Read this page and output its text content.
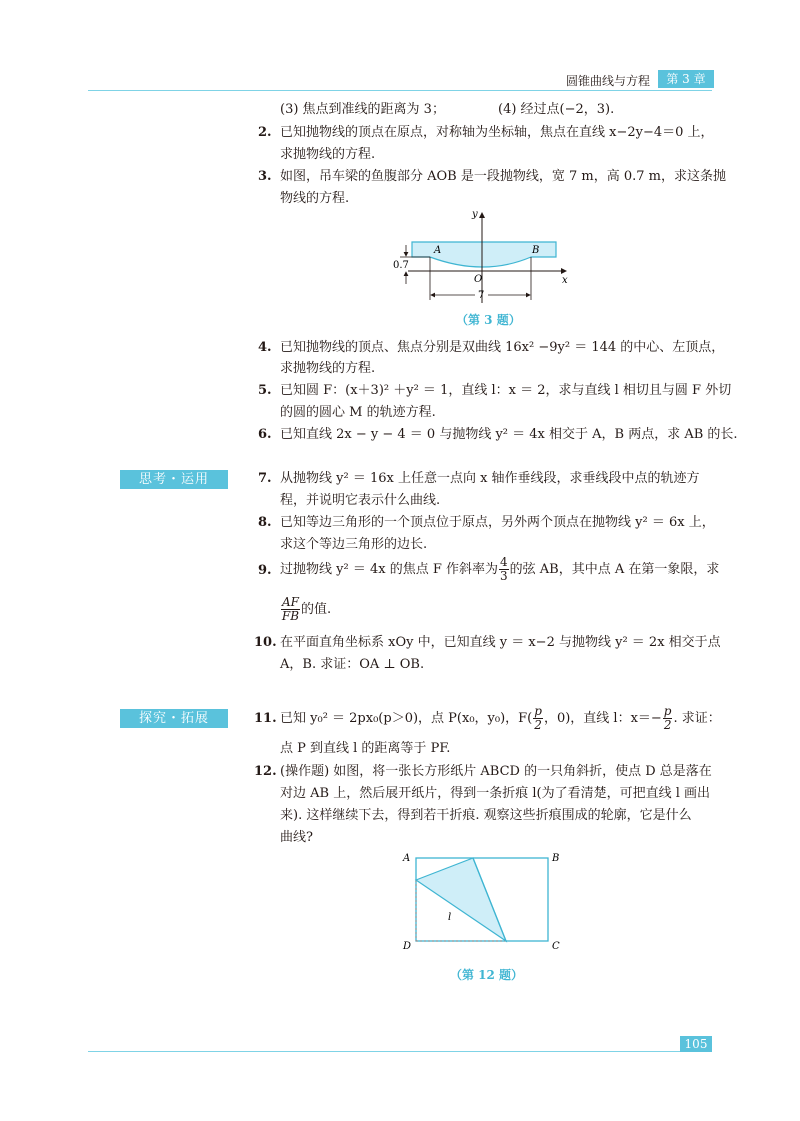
圆锥曲线与方程	第 3 章
(3) 焦点到准线的距离为 3；	(4) 经过点(−2，3).
2. 已知抛物线的顶点在原点，对称轴为坐标轴，焦点在直线 x−2y−4＝0 上，
求抛物线的方程.
3. 如图，吊车梁的鱼腹部分 AOB 是一段抛物线，宽 7 m，高 0.7 m，求这条抛
物线的方程.
y
x
A	B
O
0.7
7
（第 3 题）
4. 已知抛物线的顶点、焦点分别是双曲线 16x² −9y² ＝ 144 的中心、左顶点，
求抛物线的方程.
5. 已知圆 F：(x＋3)² ＋y² ＝ 1，直线 l：x ＝ 2，求与直线 l 相切且与圆 F 外切
的圆的圆心 M 的轨迹方程.
6. 已知直线 2x − y − 4 ＝ 0 与抛物线 y² ＝ 4x 相交于 A，B 两点，求 AB 的长.
思考・运用	7. 从抛物线 y² ＝ 16x 上任意一点向 x 轴作垂线段，求垂线段中点的轨迹方
程，并说明它表示什么曲线.
8. 已知等边三角形的一个顶点位于原点，另外两个顶点在抛物线 y² ＝ 6x 上，
求这个等边三角形的边长.
9. 过抛物线 y² ＝ 4x 的焦点 F 作斜率为 $\frac{4}{3}$ 的弦 AB，其中点 A 在第一象限，求
$\frac{AF}{FB}$ 的值.
10. 在平面直角坐标系 xOy 中，已知直线 y ＝ x−2 与抛物线 y² ＝ 2x 相交于点
A，B. 求证：OA ⊥ OB.
探究・拓展	11. 已知 y₀² ＝ 2px₀(p＞0)，点 P(x₀，y₀)，$F( \frac{p}{2}$ ，0)，直线 l：$x=- \frac{p}{2}$ . 求证：
点 P 到直线 l 的距离等于 PF.
12. (操作题) 如图，将一张长方形纸片 ABCD 的一只角斜折，使点 D 总是落在
对边 AB 上，然后展开纸片，得到一条折痕 l(为了看清楚，可把直线 l 画出
来). 这样继续下去，得到若干折痕. 观察这些折痕围成的轮廓，它是什么
曲线?
A	B
C
D
l
（第 12 题）
105
